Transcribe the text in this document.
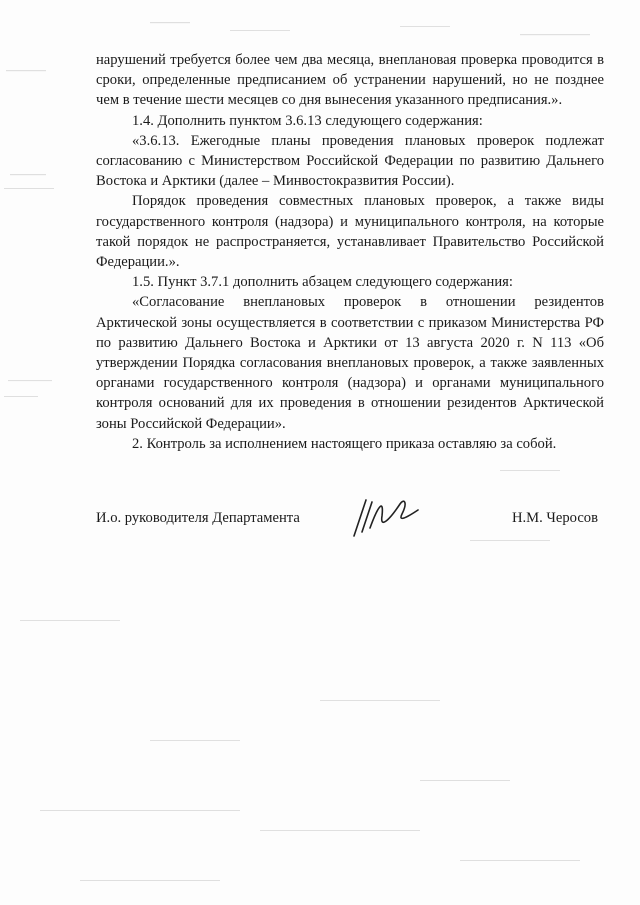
нарушений требуется более чем два месяца, внеплановая проверка проводится в сроки, определенные предписанием об устранении нарушений, но не позднее чем в течение шести месяцев со дня вынесения указанного предписания.».

1.4. Дополнить пунктом 3.6.13 следующего содержания:

«3.6.13. Ежегодные планы проведения плановых проверок подлежат согласованию с Министерством Российской Федерации по развитию Дальнего Востока и Арктики (далее – Минвостокразвития России).

Порядок проведения совместных плановых проверок, а также виды государственного контроля (надзора) и муниципального контроля, на которые такой порядок не распространяется, устанавливает Правительство Российской Федерации.».

1.5. Пункт 3.7.1 дополнить абзацем следующего содержания:

«Согласование внеплановых проверок в отношении резидентов Арктической зоны осуществляется в соответствии с приказом Министерства РФ по развитию Дальнего Востока и Арктики от 13 августа 2020 г. N 113 «Об утверждении Порядка согласования внеплановых проверок, а также заявленных органами государственного контроля (надзора) и органами муниципального контроля оснований для их проведения в отношении резидентов Арктической зоны Российской Федерации».

2. Контроль за исполнением настоящего приказа оставляю за собой.

И.о. руководителя Департамента	Н.М. Черосов
